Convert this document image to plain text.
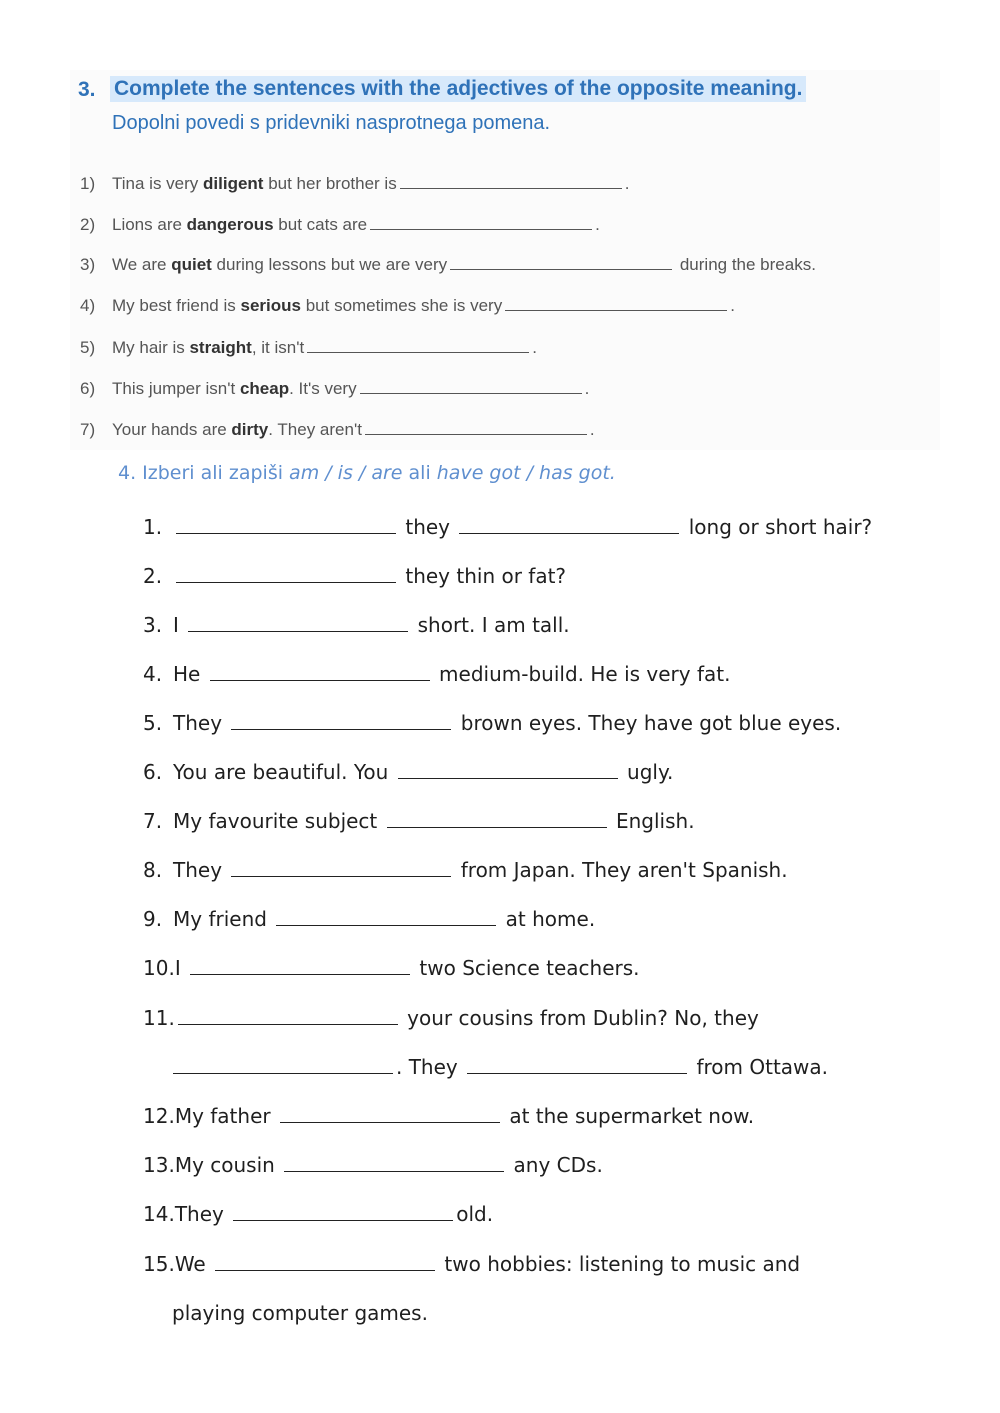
3. Complete the sentences with the adjectives of the opposite meaning.
Dopolni povedi s pridevniki nasprotnega pomena.
1) Tina is very diligent but her brother is	.
2) Lions are dangerous but cats are	.
3) We are quiet during lessons but we are very	during the breaks.
4) My best friend is serious but sometimes she is very	.
5) My hair is straight, it isn't	.
6) This jumper isn't cheap. It's very	.
7) Your hands are dirty. They aren't	.
4. Izberi ali zapiši am / is / are ali have got / has got.
1.	they	long or short hair?
2.	they thin or fat?
3. I	short. I am tall.
4. He	medium-build. He is very fat.
5. They	brown eyes. They have got blue eyes.
6. You are beautiful. You	ugly.
7. My favourite subject	English.
8. They	from Japan. They aren't Spanish.
9. My friend	at home.
10.I	two Science teachers.
11.	your cousins from Dublin? No, they
. They	from Ottawa.
12.My father	at the supermarket now.
13.My cousin	any CDs.
14.They	old.
15.We	two hobbies: listening to music and
playing computer games.
